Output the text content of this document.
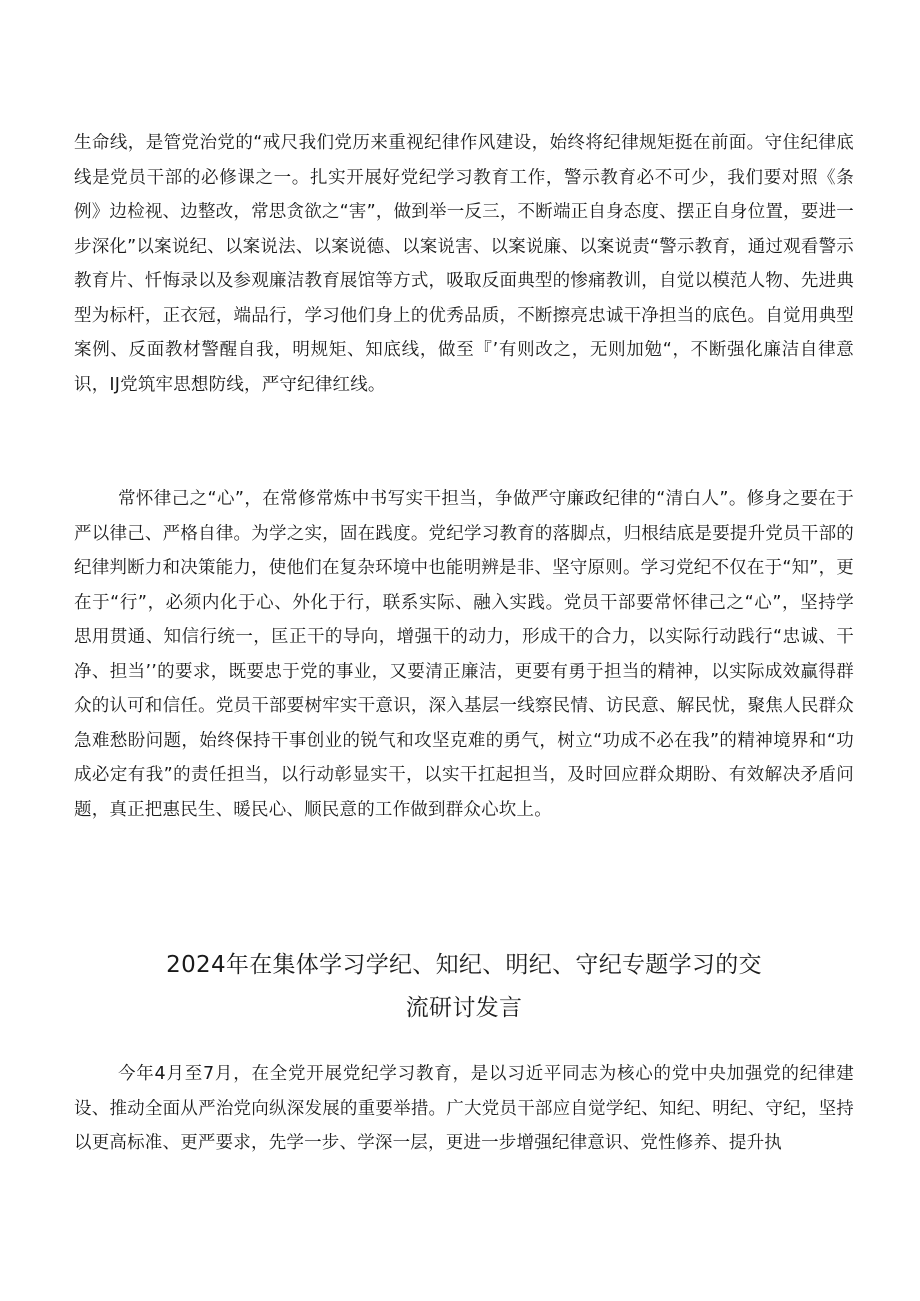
生命线，是管党治党的“戒尺我们党历来重视纪律作风建设，始终将纪律规矩挺在前面。守住纪律底线是党员干部的必修课之一。扎实开展好党纪学习教育工作，警示教育必不可少，我们要对照《条例》边检视、边整改，常思贪欲之“害”，做到举一反三，不断端正自身态度、摆正自身位置，要进一步深化”以案说纪、以案说法、以案说德、以案说害、以案说廉、以案说责“警示教育，通过观看警示教育片、忏悔录以及参观廉洁教育展馆等方式，吸取反面典型的惨痛教训，自觉以模范人物、先进典型为标杆，正衣冠，端品行，学习他们身上的优秀品质，不断擦亮忠诚干净担当的底色。自觉用典型案例、反面教材警醒自我，明规矩、知底线，做至『’有则改之，无则加勉“，不断强化廉洁自律意识，IJ党筑牢思想防线，严守纪律红线。

常怀律己之“心”，在常修常炼中书写实干担当，争做严守廉政纪律的“清白人”。修身之要在于严以律己、严格自律。为学之实，固在践度。党纪学习教育的落脚点，归根结底是要提升党员干部的纪律判断力和决策能力，使他们在复杂环境中也能明辨是非、坚守原则。学习党纪不仅在于“知”，更在于“行”，必须内化于心、外化于行，联系实际、融入实践。党员干部要常怀律己之“心”，坚持学思用贯通、知信行统一，匡正干的导向，增强干的动力，形成干的合力，以实际行动践行“忠诚、干净、担当’’的要求，既要忠于党的事业，又要清正廉洁，更要有勇于担当的精神，以实际成效赢得群众的认可和信任。党员干部要树牢实干意识，深入基层一线察民情、访民意、解民忧，聚焦人民群众急难愁盼问题，始终保持干事创业的锐气和攻坚克难的勇气，树立“功成不必在我”的精神境界和“功成必定有我”的责任担当，以行动彰显实干，以实干扛起担当，及时回应群众期盼、有效解决矛盾问题，真正把惠民生、暖民心、顺民意的工作做到群众心坎上。

2024年在集体学习学纪、知纪、明纪、守纪专题学习的交
流研讨发言

今年4月至7月，在全党开展党纪学习教育，是以习近平同志为核心的党中央加强党的纪律建设、推动全面从严治党向纵深发展的重要举措。广大党员干部应自觉学纪、知纪、明纪、守纪，坚持以更高标准、更严要求，先学一步、学深一层，更进一步增强纪律意识、党性修养、提升执
